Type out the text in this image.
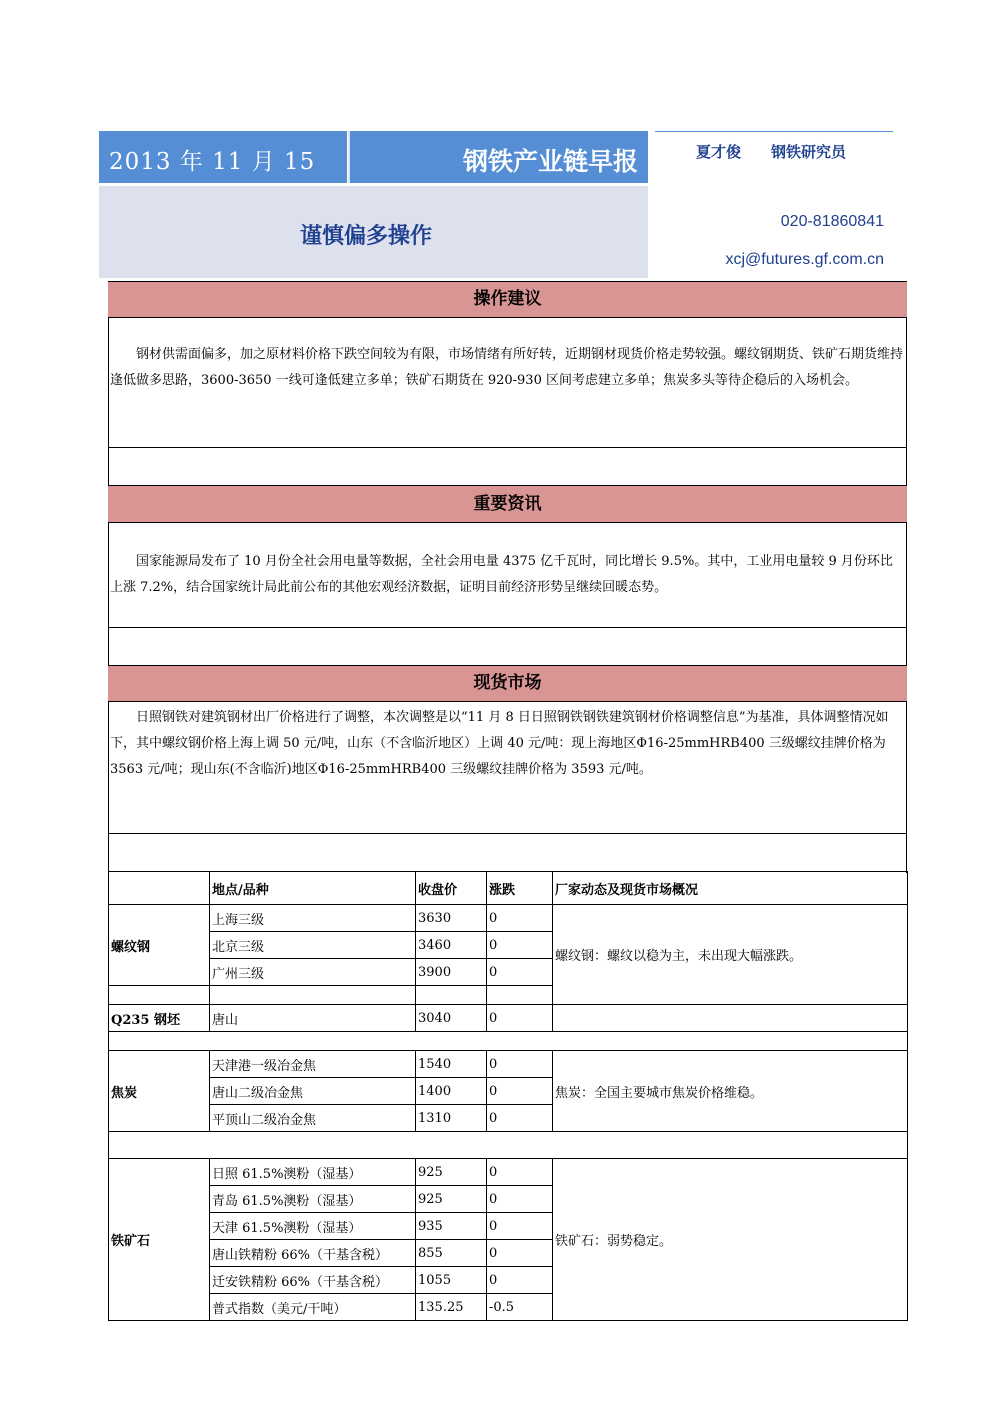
2013 年 11 月 15	钢铁产业链早报
谨慎偏多操作
夏才俊　　钢铁研究员
020-81860841
xcj@futures.gf.com.cn
操作建议
　　钢材供需面偏多，加之原材料价格下跌空间较为有限，市场情绪有所好转，近期钢材现货价格走势较强。螺纹钢期货、铁矿石期货维持逢低做多思路，3600-3650 一线可逢低建立多单；铁矿石期货在 920-930 区间考虑建立多单；焦炭多头等待企稳后的入场机会。
重要资讯
　　国家能源局发布了 10 月份全社会用电量等数据，全社会用电量 4375 亿千瓦时，同比增长 9.5%。其中，工业用电量较 9 月份环比上涨 7.2%，结合国家统计局此前公布的其他宏观经济数据，证明目前经济形势呈继续回暖态势。
现货市场
　　日照钢铁对建筑钢材出厂价格进行了调整，本次调整是以“11 月 8 日日照钢铁钢铁建筑钢材价格调整信息”为基准，具体调整情况如下，其中螺纹钢价格上海上调 50 元/吨，山东（不含临沂地区）上调 40 元/吨：现上海地区Φ16-25mmHRB400 三级螺纹挂牌价格为 3563 元/吨；现山东(不含临沂)地区Φ16-25mmHRB400 三级螺纹挂牌价格为 3593 元/吨。
	地点/品种	收盘价	涨跌	厂家动态及现货市场概况
螺纹钢	上海三级	3630	0	螺纹钢：螺纹以稳为主，未出现大幅涨跌。
	北京三级	3460	0	
	广州三级	3900	0	

Q235 钢坯	唐山	3040	0	

焦炭	天津港一级冶金焦	1540	0	焦炭：全国主要城市焦炭价格维稳。
	唐山二级冶金焦	1400	0	
	平顶山二级冶金焦	1310	0	

铁矿石	日照 61.5%澳粉（湿基）	925	0	铁矿石：弱势稳定。
	青岛 61.5%澳粉（湿基）	925	0	
	天津 61.5%澳粉（湿基）	935	0	
	唐山铁精粉 66%（干基含税）	855	0	
	迁安铁精粉 66%（干基含税）	1055	0	
	普式指数（美元/干吨）	135.25	-0.5	
